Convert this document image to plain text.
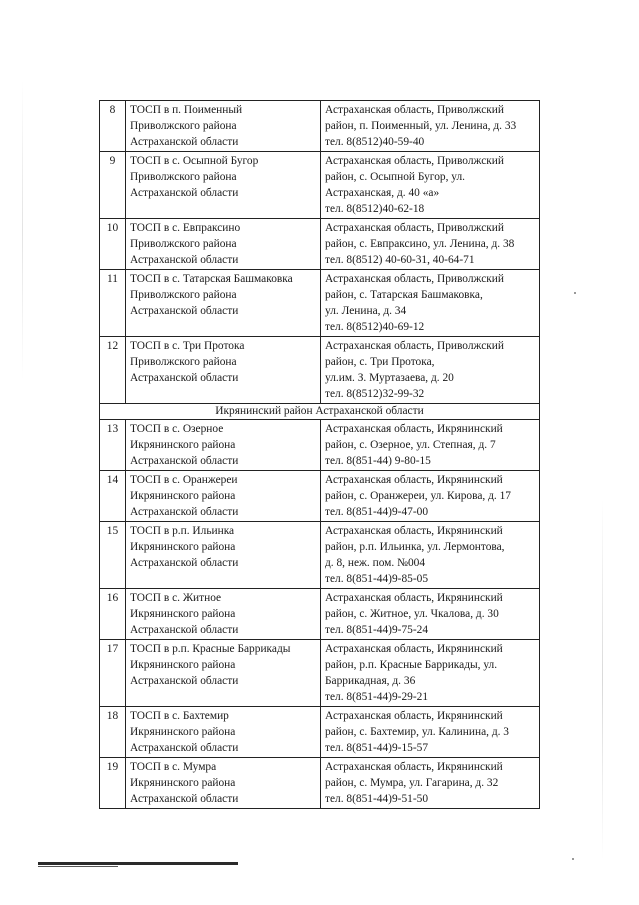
8	ТОСП в п. Поименный
Приволжского района
Астраханской области	Астраханская область, Приволжский
район, п. Поименный, ул. Ленина, д. 33
тел. 8(8512)40-59-40

9	ТОСП в с. Осыпной Бугор
Приволжского района
Астраханской области	Астраханская область, Приволжский
район, с. Осыпной Бугор, ул.
Астраханская, д. 40 «а»
тел. 8(8512)40-62-18

10	ТОСП в с. Евпраксино
Приволжского района
Астраханской области	Астраханская область, Приволжский
район, с. Евпраксино, ул. Ленина, д. 38
тел. 8(8512) 40-60-31, 40-64-71

11	ТОСП в с. Татарская Башмаковка
Приволжского района
Астраханской области	Астраханская область, Приволжский
район, с. Татарская Башмаковка,
ул. Ленина, д. 34
тел. 8(8512)40-69-12

12	ТОСП в с. Три Протока
Приволжского района
Астраханской области	Астраханская область, Приволжский
район, с. Три Протока,
ул.им. З. Муртазаева, д. 20
тел. 8(8512)32-99-32

Икрянинский район Астраханской области		
13	ТОСП в с. Озерное
Икрянинского района
Астраханской области	Астраханская область, Икрянинский
район, с. Озерное, ул. Степная, д. 7
тел. 8(851-44) 9-80-15

14	ТОСП в с. Оранжереи
Икрянинского района
Астраханской области	Астраханская область, Икрянинский
район, с. Оранжереи, ул. Кирова, д. 17
тел. 8(851-44)9-47-00

15	ТОСП в р.п. Ильинка
Икрянинского района
Астраханской области	Астраханская область, Икрянинский
район, р.п. Ильинка, ул. Лермонтова,
д. 8, неж. пом. №004
тел. 8(851-44)9-85-05

16	ТОСП в с. Житное
Икрянинского района
Астраханской области	Астраханская область, Икрянинский
район, с. Житное, ул. Чкалова, д. 30
тел. 8(851-44)9-75-24

17	ТОСП в р.п. Красные Баррикады
Икрянинского района
Астраханской области	Астраханская область, Икрянинский
район, р.п. Красные Баррикады, ул.
Баррикадная, д. 36
тел. 8(851-44)9-29-21

18	ТОСП в с. Бахтемир
Икрянинского района
Астраханской области	Астраханская область, Икрянинский
район, с. Бахтемир, ул. Калинина, д. 3
тел. 8(851-44)9-15-57

19	ТОСП в с. Мумра
Икрянинского района
Астраханской области	Астраханская область, Икрянинский
район, с. Мумра, ул. Гагарина, д. 32
тел. 8(851-44)9-51-50
